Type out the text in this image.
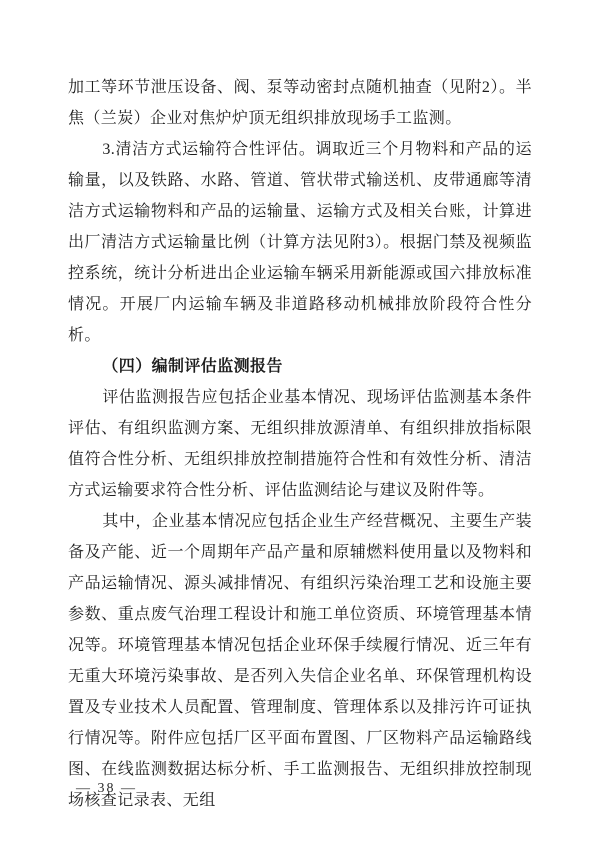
加工等环节泄压设备、阀、泵等动密封点随机抽查（见附2）。半焦（兰炭）企业对焦炉炉顶无组织排放现场手工监测。

3.清洁方式运输符合性评估。调取近三个月物料和产品的运输量，以及铁路、水路、管道、管状带式输送机、皮带通廊等清洁方式运输物料和产品的运输量、运输方式及相关台账，计算进出厂清洁方式运输量比例（计算方法见附3）。根据门禁及视频监控系统，统计分析进出企业运输车辆采用新能源或国六排放标准情况。开展厂内运输车辆及非道路移动机械排放阶段符合性分析。

（四）编制评估监测报告

评估监测报告应包括企业基本情况、现场评估监测基本条件评估、有组织监测方案、无组织排放源清单、有组织排放指标限值符合性分析、无组织排放控制措施符合性和有效性分析、清洁方式运输要求符合性分析、评估监测结论与建议及附件等。

其中，企业基本情况应包括企业生产经营概况、主要生产装备及产能、近一个周期年产品产量和原辅燃料使用量以及物料和产品运输情况、源头减排情况、有组织污染治理工艺和设施主要参数、重点废气治理工程设计和施工单位资质、环境管理基本情况等。环境管理基本情况包括企业环保手续履行情况、近三年有无重大环境污染事故、是否列入失信企业名单、环保管理机构设置及专业技术人员配置、管理制度、管理体系以及排污许可证执行情况等。附件应包括厂区平面布置图、厂区物料产品运输路线图、在线监测数据达标分析、手工监测报告、无组织排放控制现场核查记录表、无组

— 38 —
